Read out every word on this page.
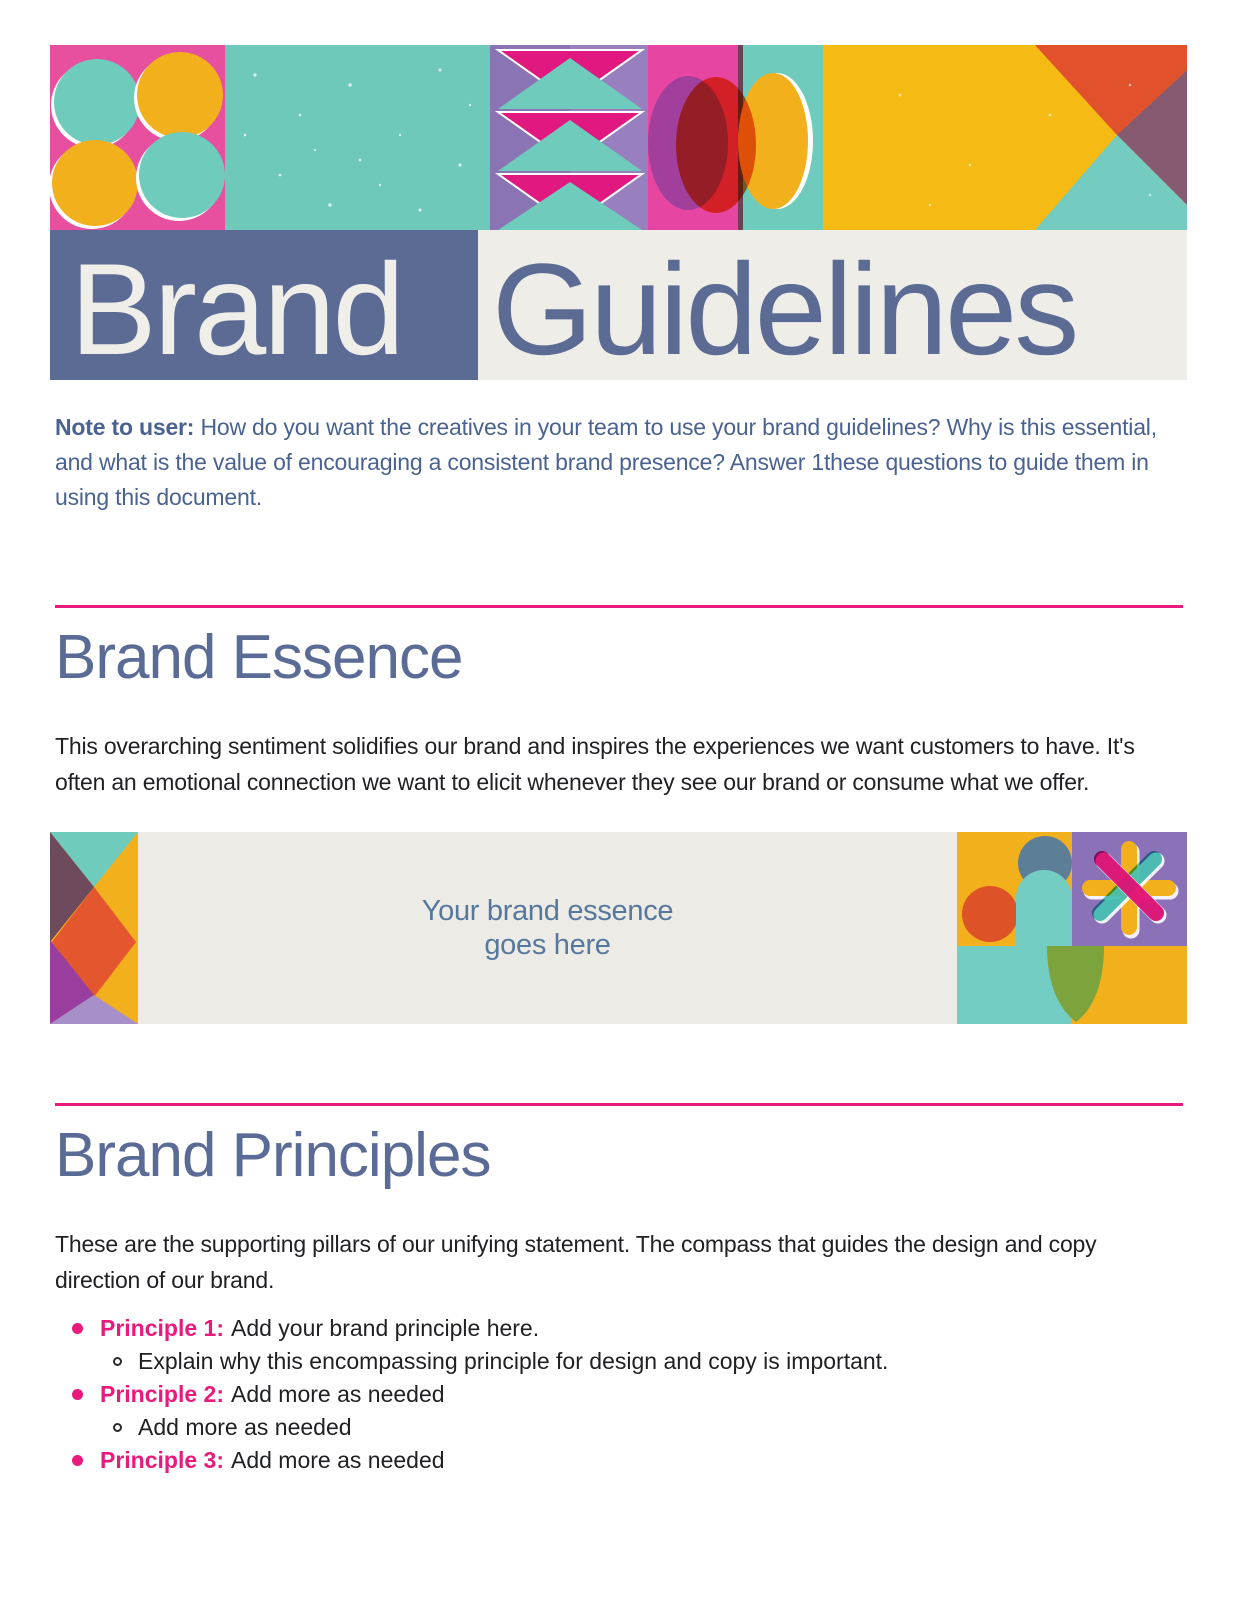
Brand Guidelines

Note to user: How do you want the creatives in your team to use your brand guidelines? Why is this essential, and what is the value of encouraging a consistent brand presence? Answer 1these questions to guide them in using this document.

Brand Essence

This overarching sentiment solidifies our brand and inspires the experiences we want customers to have. It's often an emotional connection we want to elicit whenever they see our brand or consume what we offer.

Your brand essence
goes here
Brand Principles

These are the supporting pillars of our unifying statement. The compass that guides the design and copy direction of our brand.

Principle 1: Add your brand principle here.
Explain why this encompassing principle for design and copy is important.
Principle 2: Add more as needed
Add more as needed
Principle 3: Add more as needed
